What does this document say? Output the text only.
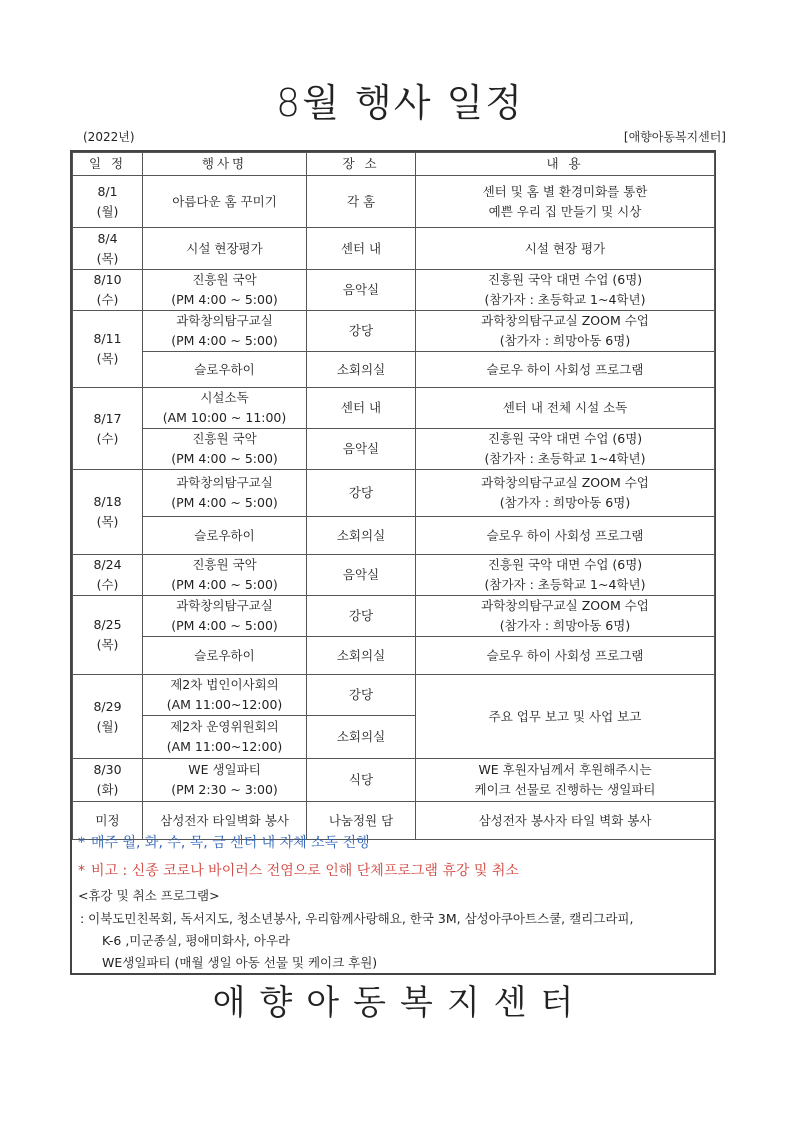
8월 행사 일정
(2022년)	[애향아동복지센터]
일 정	행사명	장 소	내 용

8/1
(월)	아름다운 홈 꾸미기	각 홈	센터 및 홈 별 환경미화를 통한
예쁜 우리 집 만들기 및 시상

8/4
(목)	시설 현장평가	센터 내	시설 현장 평가

8/10
(수)	진흥원 국악
(PM 4:00 ~ 5:00)	음악실	진흥원 국악 대면 수업 (6명)
(참가자 : 초등학교 1~4학년)

8/11
(목)	과학창의탐구교실
(PM 4:00 ~ 5:00)	강당	과학창의탐구교실 ZOOM 수업
(참가자 : 희망아동 6명)

	슬로우하이	소회의실	슬로우 하이 사회성 프로그램

8/17
(수)	시설소독
(AM 10:00 ~ 11:00)	센터 내	센터 내 전체 시설 소독

	진흥원 국악
(PM 4:00 ~ 5:00)	음악실	진흥원 국악 대면 수업 (6명)
(참가자 : 초등학교 1~4학년)

8/18
(목)	과학창의탐구교실
(PM 4:00 ~ 5:00)	강당	과학창의탐구교실 ZOOM 수업
(참가자 : 희망아동 6명)

	슬로우하이	소회의실	슬로우 하이 사회성 프로그램

8/24
(수)	진흥원 국악
(PM 4:00 ~ 5:00)	음악실	진흥원 국악 대면 수업 (6명)
(참가자 : 초등학교 1~4학년)

8/25
(목)	과학창의탐구교실
(PM 4:00 ~ 5:00)	강당	과학창의탐구교실 ZOOM 수업
(참가자 : 희망아동 6명)

	슬로우하이	소회의실	슬로우 하이 사회성 프로그램

8/29
(월)	제2차 법인이사회의
(AM 11:00~12:00)	강당	주요 업무 보고 및 사업 보고

	제2차 운영위원회의
(AM 11:00~12:00)	소회의실	

8/30
(화)	WE 생일파티
(PM 2:30 ~ 3:00)	식당	WE 후원자님께서 후원해주시는
케이크 선물로 진행하는 생일파티

미정	삼성전자 타일벽화 봉사	나눔정원 담	삼성전자 봉사자 타일 벽화 봉사
* 매주 월, 화, 수, 목, 금 센터 내 자체 소독 진행
* 비고 : 신종 코로나 바이러스 전염으로 인해 단체프로그램 휴강 및 취소
<휴강 및 취소 프로그램>
: 이북도민친목회, 독서지도, 청소년봉사, 우리함께사랑해요, 한국 3M, 삼성아쿠아트스쿨, 캘리그라피,
K-6 ,미군종실, 평애미화사, 아우라
WE생일파티 (매월 생일 아동 선물 및 케이크 후원)
애향아동복지센터
